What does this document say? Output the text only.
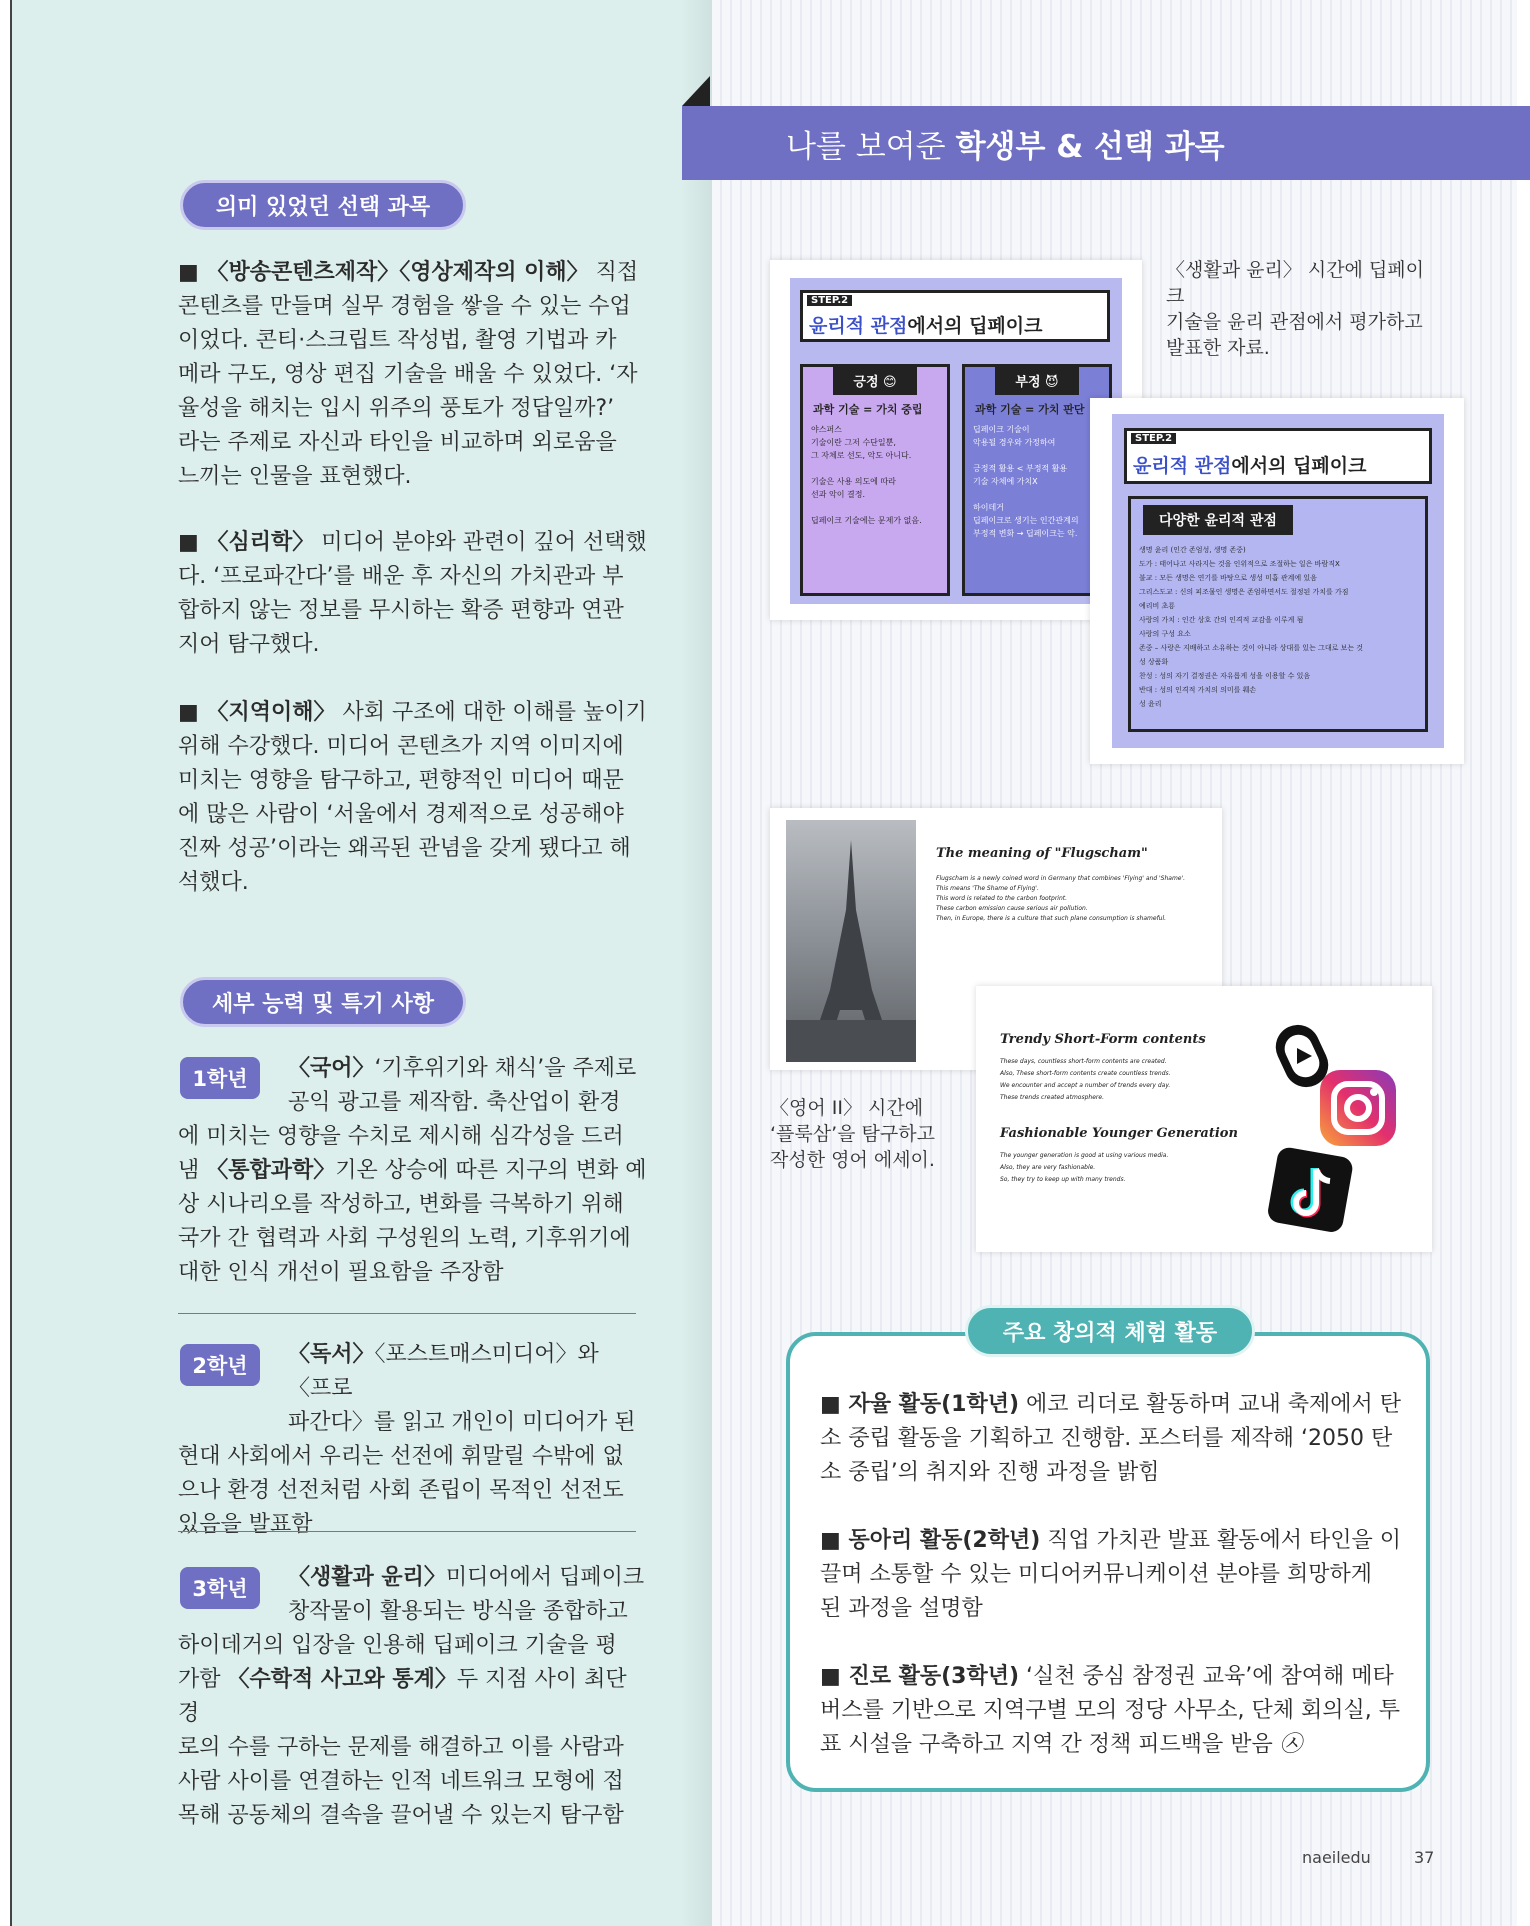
나를 보여준 학생부 & 선택 과목
의미 있었던 선택 과목
■ 〈방송콘텐츠제작〉〈영상제작의 이해〉 직접
콘텐츠를 만들며 실무 경험을 쌓을 수 있는 수업
이었다. 콘티·스크립트 작성법, 촬영 기법과 카
메라 구도, 영상 편집 기술을 배울 수 있었다. ‘자
율성을 해치는 입시 위주의 풍토가 정답일까?’
라는 주제로 자신과 타인을 비교하며 외로움을
느끼는 인물을 표현했다.
■ 〈심리학〉 미디어 분야와 관련이 깊어 선택했
다. ‘프로파간다’를 배운 후 자신의 가치관과 부
합하지 않는 정보를 무시하는 확증 편향과 연관
지어 탐구했다.
■ 〈지역이해〉 사회 구조에 대한 이해를 높이기
위해 수강했다. 미디어 콘텐츠가 지역 이미지에
미치는 영향을 탐구하고, 편향적인 미디어 때문
에 많은 사람이 ‘서울에서 경제적으로 성공해야
진짜 성공’이라는 왜곡된 관념을 갖게 됐다고 해
석했다.
세부 능력 및 특기 사항
1학년	〈국어〉‘기후위기와 채식’을 주제로
공익 광고를 제작함. 축산업이 환경
에 미치는 영향을 수치로 제시해 심각성을 드러
냄 〈통합과학〉기온 상승에 따른 지구의 변화 예
상 시나리오를 작성하고, 변화를 극복하기 위해
국가 간 협력과 사회 구성원의 노력, 기후위기에
대한 인식 개선이 필요함을 주장함
2학년	〈독서〉〈포스트매스미디어〉와 〈프로
파간다〉를 읽고 개인이 미디어가 된
현대 사회에서 우리는 선전에 휘말릴 수밖에 없
으나 환경 선전처럼 사회 존립이 목적인 선전도
있음을 발표함
3학년	〈생활과 윤리〉미디어에서 딥페이크
창작물이 활용되는 방식을 종합하고
하이데거의 입장을 인용해 딥페이크 기술을 평
가함 〈수학적 사고와 통계〉두 지점 사이 최단 경
로의 수를 구하는 문제를 해결하고 이를 사람과
사람 사이를 연결하는 인적 네트워크 모형에 접
목해 공동체의 결속을 끌어낼 수 있는지 탐구함
〈생활과 윤리〉 시간에 딥페이크
기술을 윤리 관점에서 평가하고
발표한 자료.
STEP.2
윤리적 관점에서의 딥페이크
긍정 😊
과학 기술 = 가치 중립
야스퍼스
기술이란 그저 수단일뿐,
그 자체로 선도, 악도 아니다.

기술은 사용 의도에 따라
선과 악이 결정.

딥페이크 기술에는 문제가 없음.
부정 😈
과학 기술 = 가치 판단
딥페이크 기술이
악용될 경우와 가정하여

긍정적 활용 < 부정적 활용
기술 자체에 가치X

하이데거
딥페이크로 생기는 인간관계의
부정적 변화 → 딥페이크는 악.
STEP.2
윤리적 관점에서의 딥페이크
다양한 윤리적 관점
생명 윤리 (인간 존엄성, 생명 존중)
도가 : 태어나고 사라지는 것을 인위적으로 조절하는 일은 바람직X
불교 : 모든 생명은 연기를 바탕으로 생성 미흡 관계에 있음
그리스도교 : 신의 피조물인 생명은 존엄하면서도 절정된 가치를 가짐
예리비 초룡
사랑의 가치 : 인간 상호 간의 인격적 교감을 이루게 됨
사랑의 구성 요소
존중 – 사랑은 지배하고 소유하는 것이 아니라 상대를 있는 그대로 보는 것
성 상품화
찬성 : 성의 자기 결정권은 자유롭게 성을 이용할 수 있음
반대 : 성의 인격적 가치의 의미를 훼손
성 윤리
The meaning of "Flugscham"
Flugscham is a newly coined word in Germany that combines 'Flying' and 'Shame'.
This means 'The Shame of Flying'.
This word is related to the carbon footprint.
These carbon emission cause serious air pollution.
Then, in Europe, there is a culture that such plane consumption is shameful.
Trendy Short-Form contents
These days, countless short-form contents are created.
Also, These short-form contents create countless trends.
We encounter and accept a number of trends every day.
These trends created atmosphere.
Fashionable Younger Generation
The younger generation is good at using various media.
Also, they are very fashionable.
So, they try to keep up with many trends.
〈영어 II〉 시간에
‘플룩삼’을 탐구하고
작성한 영어 에세이.
주요 창의적 체험 활동
■ 자율 활동(1학년) 에코 리더로 활동하며 교내 축제에서 탄
소 중립 활동을 기획하고 진행함. 포스터를 제작해 ‘2050 탄
소 중립’의 취지와 진행 과정을 밝힘
■ 동아리 활동(2학년) 직업 가치관 발표 활동에서 타인을 이
끌며 소통할 수 있는 미디어커뮤니케이션 분야를 희망하게
된 과정을 설명함
■ 진로 활동(3학년) ‘실천 중심 참정권 교육’에 참여해 메타
버스를 기반으로 지역구별 모의 정당 사무소, 단체 회의실, 투
표 시설을 구축하고 지역 간 정책 피드백을 받음 ㉦
naeiledu	37
